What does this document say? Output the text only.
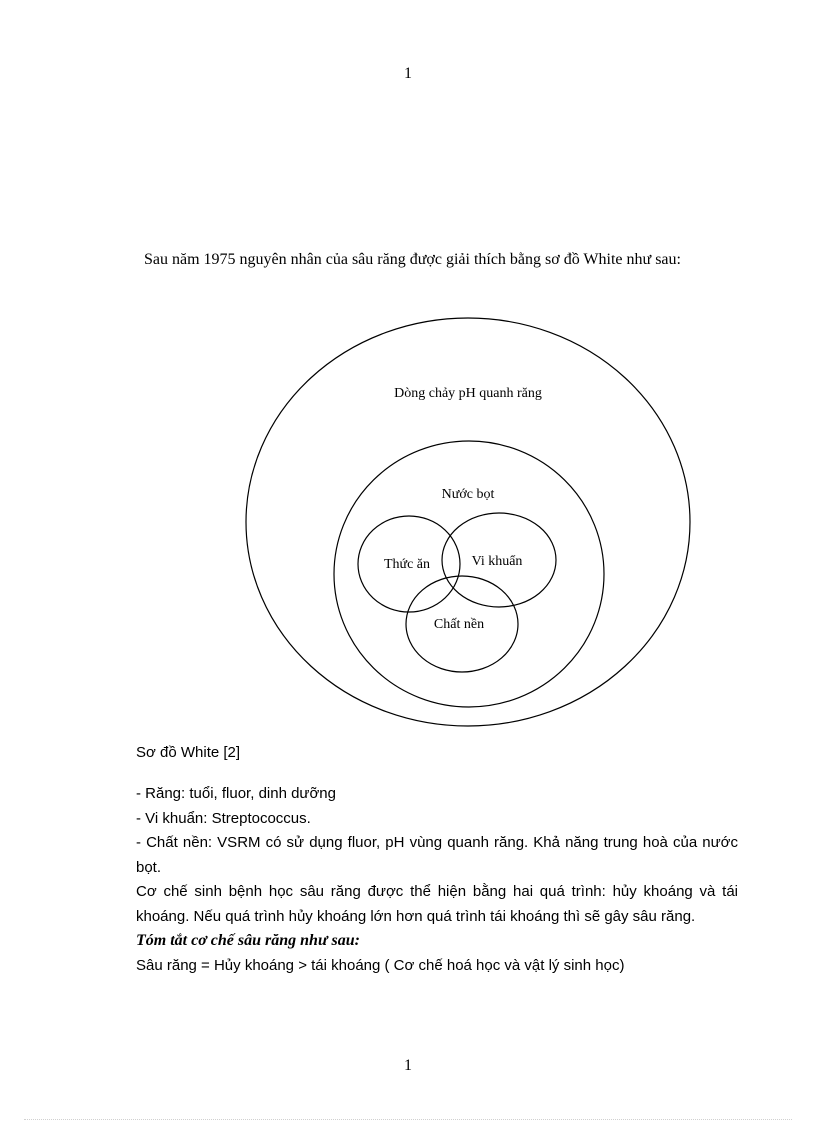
1
Sau năm 1975 nguyên nhân của sâu răng được giải thích bằng sơ đồ White như sau:
Dòng chảy pH quanh răng
Nước bọt
Thức ăn	Vi khuẩn
Chất nền
Sơ đồ White [2]

- Răng: tuổi, fluor, dinh dưỡng

- Vi khuẩn: Streptococcus.

- Chất nền: VSRM có sử dụng fluor, pH vùng quanh răng. Khả năng trung hoà của nước bọt.

Cơ chế sinh bệnh học sâu răng được thể hiện bằng hai quá trình: hủy khoáng và tái khoáng. Nếu quá trình hủy khoáng lớn hơn quá trình tái khoáng thì sẽ gây sâu răng.

Tóm tắt cơ chế sâu răng như sau:

Sâu răng = Hủy khoáng > tái khoáng ( Cơ chế hoá học và vật lý sinh học)

1
